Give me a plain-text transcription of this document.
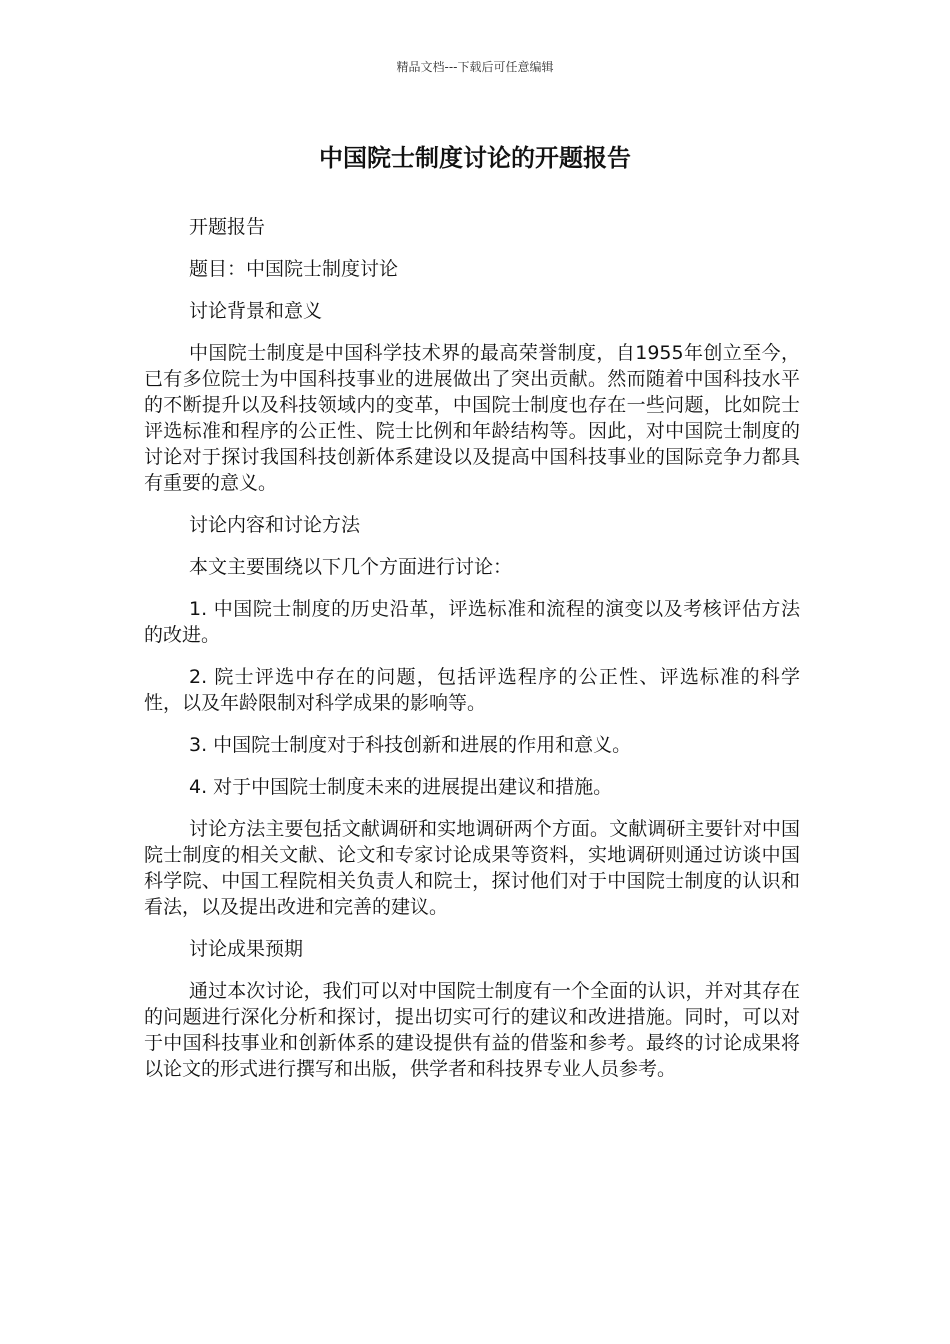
精品文档---下载后可任意编辑
中国院士制度讨论的开题报告

开题报告

题目：中国院士制度讨论

讨论背景和意义

中国院士制度是中国科学技术界的最高荣誉制度，自1955年创立至今，已有多位院士为中国科技事业的进展做出了突出贡献。然而随着中国科技水平的不断提升以及科技领域内的变革，中国院士制度也存在一些问题，比如院士评选标准和程序的公正性、院士比例和年龄结构等。因此，对中国院士制度的讨论对于探讨我国科技创新体系建设以及提高中国科技事业的国际竞争力都具有重要的意义。

讨论内容和讨论方法

本文主要围绕以下几个方面进行讨论：

1. 中国院士制度的历史沿革，评选标准和流程的演变以及考核评估方法的改进。

2. 院士评选中存在的问题，包括评选程序的公正性、评选标准的科学性，以及年龄限制对科学成果的影响等。

3. 中国院士制度对于科技创新和进展的作用和意义。

4. 对于中国院士制度未来的进展提出建议和措施。

讨论方法主要包括文献调研和实地调研两个方面。文献调研主要针对中国院士制度的相关文献、论文和专家讨论成果等资料，实地调研则通过访谈中国科学院、中国工程院相关负责人和院士，探讨他们对于中国院士制度的认识和看法，以及提出改进和完善的建议。

讨论成果预期

通过本次讨论，我们可以对中国院士制度有一个全面的认识，并对其存在的问题进行深化分析和探讨，提出切实可行的建议和改进措施。同时，可以对于中国科技事业和创新体系的建设提供有益的借鉴和参考。最终的讨论成果将以论文的形式进行撰写和出版，供学者和科技界专业人员参考。
